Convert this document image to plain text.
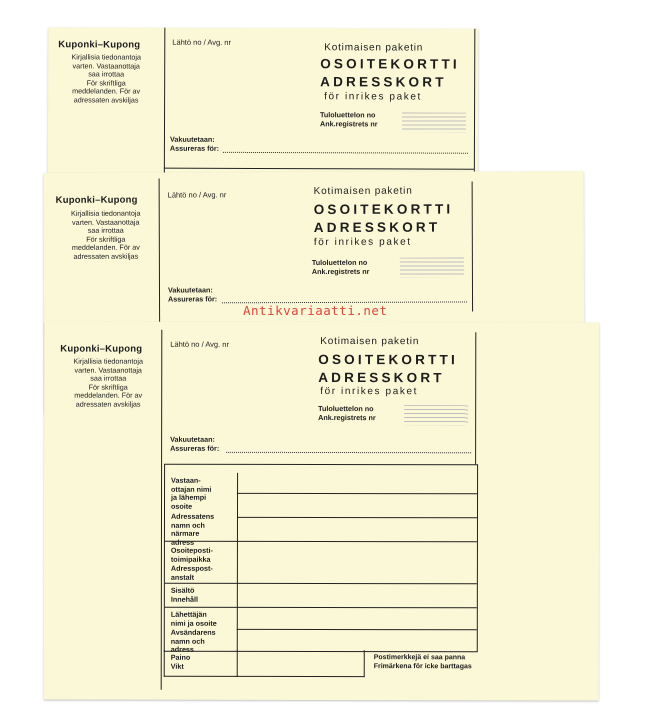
Kuponki–Kupong
Kirjallisia tiedonantoja
varten. Vastaanottaja
saa irrottaa
För skriftliga
meddelanden. För av
adressaten avskiljas
Lähtö no / Avg. nr	Kotimaisen paketin
OSOITEKORTTI
ADRESSKORT
för inrikes paket
Tuloluettelon no
Ank.registrets nr
Vakuutetaan:
Assureras för:
Kuponki–Kupong
Kirjallisia tiedonantoja
varten. Vastaanottaja
saa irrottaa
För skriftliga
meddelanden. För av
adressaten avskiljas
Lähtö no / Avg. nr	Kotimaisen paketin
OSOITEKORTTI
ADRESSKORT
för inrikes paket
Tuloluettelon no
Ank.registrets nr
Vakuutetaan:
Assureras för:
Antikvariaatti.net
Kuponki–Kupong
Kirjallisia tiedonantoja
varten. Vastaanottaja
saa irrottaa
För skriftliga
meddelanden. För av
adressaten avskiljas
Lähtö no / Avg. nr	Kotimaisen paketin
OSOITEKORTTI
ADRESSKORT
för inrikes paket
Tuloluettelon no
Ank.registrets nr
Vakuutetaan:
Assureras för:
Vastaan-
ottajan nimi
ja lähempi
osoite
Adressatens
namn och
närmare
adress
Osoiteposti-
toimipaikka
Adresspost-
anstalt
Sisältö
Innehåll
Lähettäjän
nimi ja osoite
Avsändarens
namn och
adress
Paino
Vikt
Postimerkkejä ei saa panna
Frimärkena för icke barttagas
